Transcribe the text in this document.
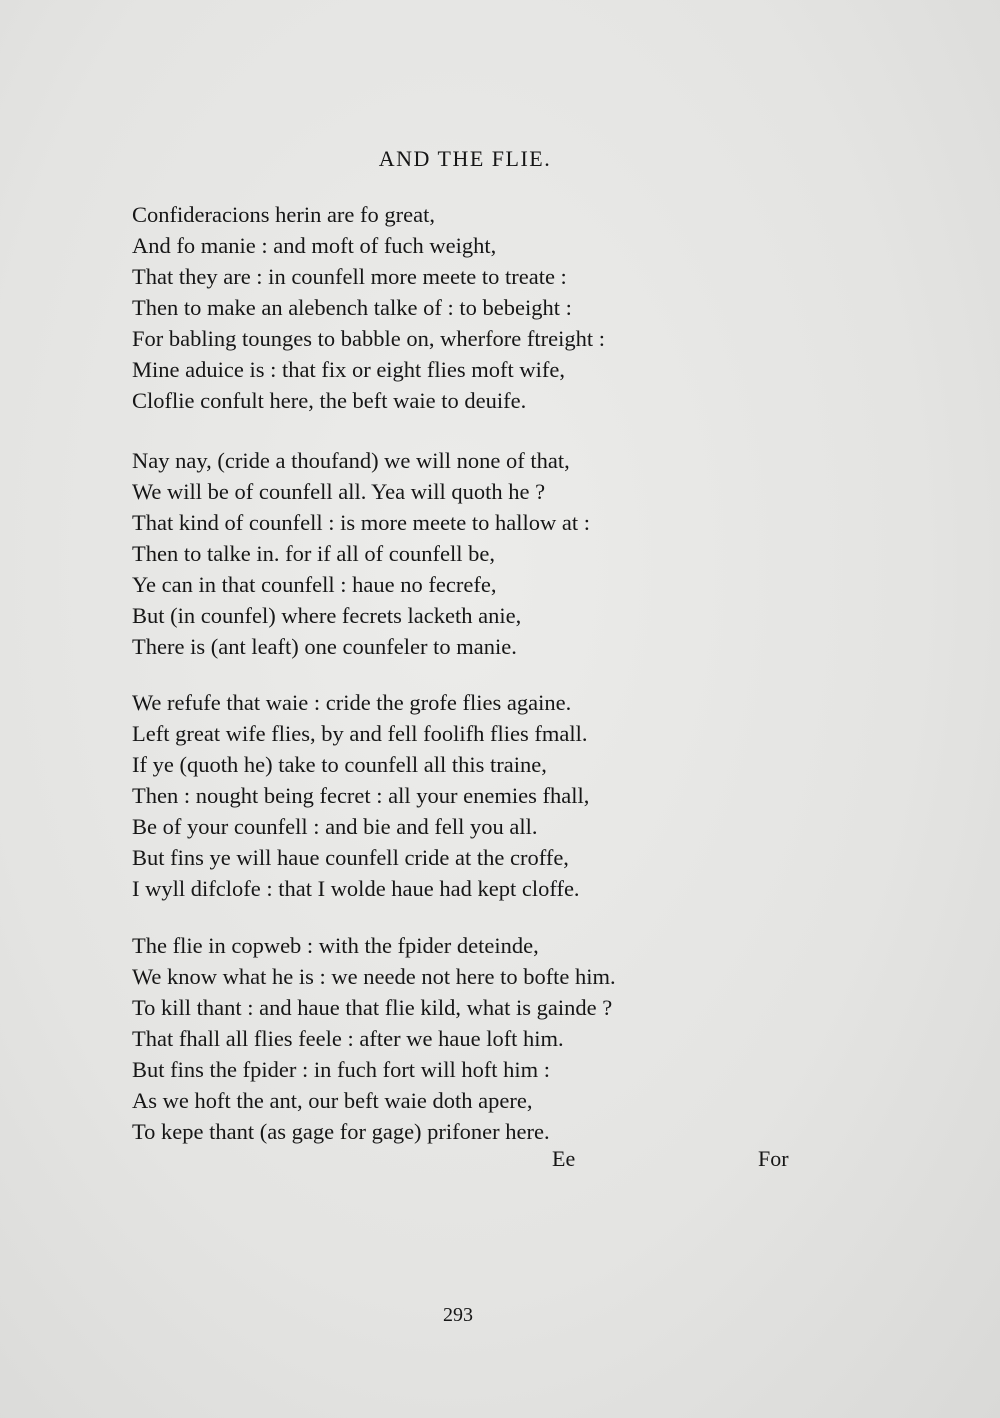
AND THE FLIE.
Confideracions herin are fo great,
And fo manie : and moft of fuch weight,
That they are : in counfell more meete to treate :
Then to make an alebench talke of : to bebeight :
For babling tounges to babble on, wherfore ftreight :
Mine aduice is : that fix or eight flies moft wife,
Cloflie confult here, the beft waie to deuife.
Nay nay, (cride a thoufand) we will none of that,
We will be of counfell all. Yea will quoth he ?
That kind of counfell : is more meete to hallow at :
Then to talke in. for if all of counfell be,
Ye can in that counfell : haue no fecrefe,
But (in counfel) where fecrets lacketh anie,
There is (ant leaft) one counfeler to manie.
We refufe that waie : cride the grofe flies againe.
Left great wife flies, by and fell foolifh flies fmall.
If ye (quoth he) take to counfell all this traine,
Then : nought being fecret : all your enemies fhall,
Be of your counfell : and bie and fell you all.
But fins ye will haue counfell cride at the croffe,
I wyll difclofe : that I wolde haue had kept cloffe.
The flie in copweb : with the fpider deteinde,
We know what he is : we neede not here to bofte him.
To kill thant : and haue that flie kild, what is gainde ?
That fhall all flies feele : after we haue loft him.
But fins the fpider : in fuch fort will hoft him :
As we hoft the ant, our beft waie doth apere,
To kepe thant (as gage for gage) prifoner here.
Ee	For
293
